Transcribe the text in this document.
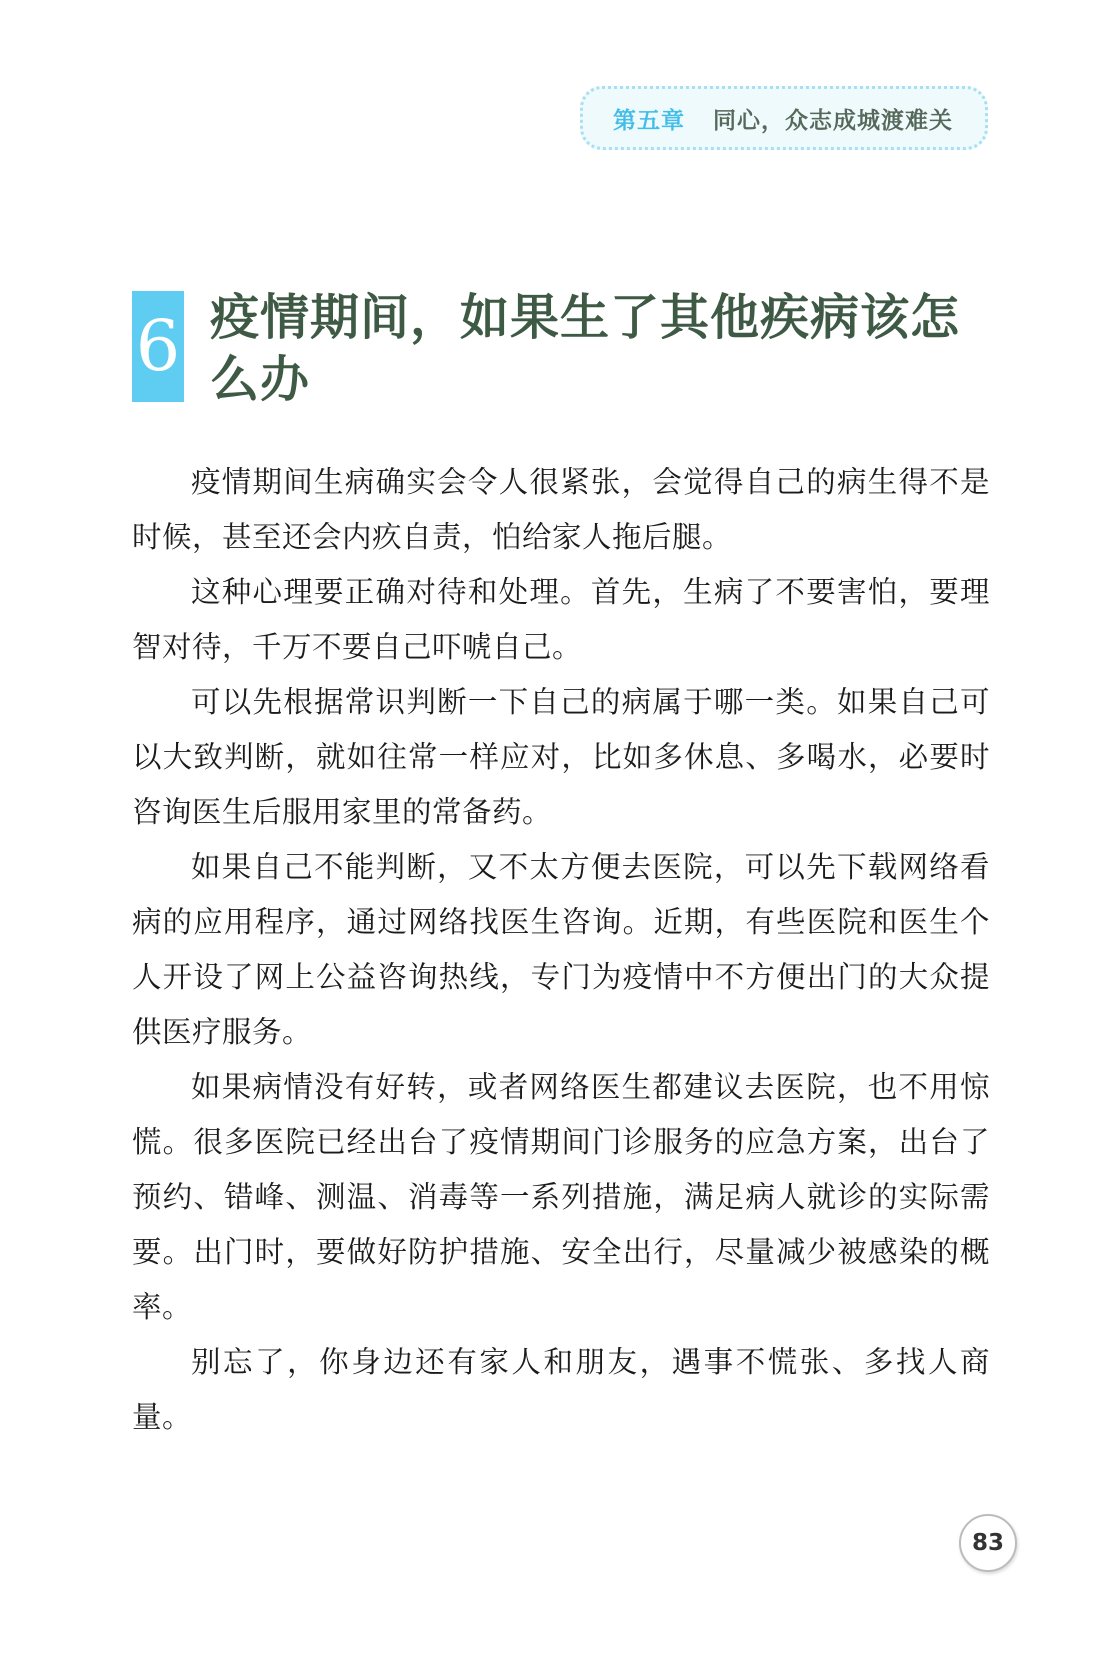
第五章 同心，众志成城渡难关
6 疫情期间，如果生了其他疾病该怎么办

疫情期间生病确实会令人很紧张，会觉得自己的病生得不是时候，甚至还会内疚自责，怕给家人拖后腿。

这种心理要正确对待和处理。首先，生病了不要害怕，要理智对待，千万不要自己吓唬自己。

可以先根据常识判断一下自己的病属于哪一类。如果自己可以大致判断，就如往常一样应对，比如多休息、多喝水，必要时咨询医生后服用家里的常备药。

如果自己不能判断，又不太方便去医院，可以先下载网络看病的应用程序，通过网络找医生咨询。近期，有些医院和医生个人开设了网上公益咨询热线，专门为疫情中不方便出门的大众提供医疗服务。

如果病情没有好转，或者网络医生都建议去医院，也不用惊慌。很多医院已经出台了疫情期间门诊服务的应急方案，出台了预约、错峰、测温、消毒等一系列措施，满足病人就诊的实际需要。出门时，要做好防护措施、安全出行，尽量减少被感染的概率。

别忘了，你身边还有家人和朋友，遇事不慌张、多找人商量。

83
